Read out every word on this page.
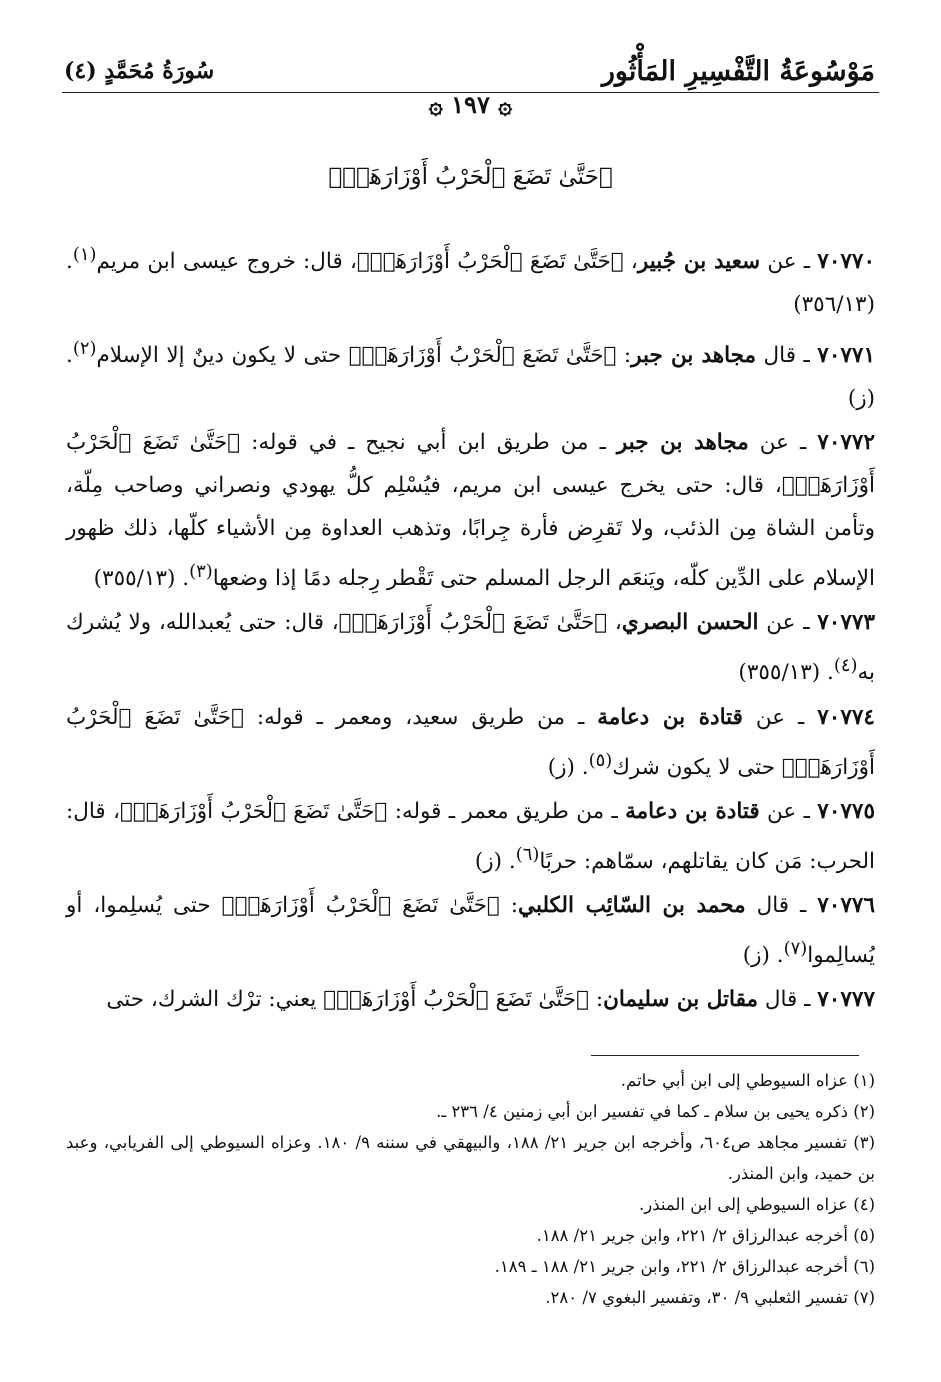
مَوْسُوعَةُ التَّفْسِيرِ المَأْثُور
سُورَةُ مُحَمَّدٍ (٤)
۞ ١٩٧ ۞
﴿حَتَّىٰ تَضَعَ ٱلْحَرْبُ أَوْزَارَهَاۚ﴾

٧٠٧٧٠ ـ عن سعيد بن جُبير، ﴿حَتَّىٰ تَضَعَ ٱلْحَرْبُ أَوْزَارَهَاۚ﴾، قال: خروج عيسى ابن مريم$^{(١)}$. (٣٥٦/١٣)

٧٠٧٧١ ـ قال مجاهد بن جبر: ﴿حَتَّىٰ تَضَعَ ٱلْحَرْبُ أَوْزَارَهَاۚ﴾ حتى لا يكون دينٌ إلا الإسلام$^{(٢)}$. (ز)

٧٠٧٧٢ ـ عن مجاهد بن جبر ـ من طريق ابن أبي نجيح ـ في قوله: ﴿حَتَّىٰ تَضَعَ ٱلْحَرْبُ أَوْزَارَهَاۚ﴾، قال: حتى يخرج عيسى ابن مريم، فيُسْلِم كلُّ يهودي ونصراني وصاحب مِلّة، وتأمن الشاة مِن الذئب، ولا تَقرِض فأرة جِرابًا، وتذهب العداوة مِن الأشياء كلّها، ذلك ظهور الإسلام على الدِّين كلّه، ويَنعَم الرجل المسلم حتى تَقْطر رِجله دمًا إذا وضعها$^{(٣)}$. (٣٥٥/١٣)

٧٠٧٧٣ ـ عن الحسن البصري، ﴿حَتَّىٰ تَضَعَ ٱلْحَرْبُ أَوْزَارَهَاۚ﴾، قال: حتى يُعبدالله، ولا يُشرك به$^{(٤)}$. (٣٥٥/١٣)

٧٠٧٧٤ ـ عن قتادة بن دعامة ـ من طريق سعيد، ومعمر ـ قوله: ﴿حَتَّىٰ تَضَعَ ٱلْحَرْبُ أَوْزَارَهَاۚ﴾ حتى لا يكون شرك$^{(٥)}$. (ز)

٧٠٧٧٥ ـ عن قتادة بن دعامة ـ من طريق معمر ـ قوله: ﴿حَتَّىٰ تَضَعَ ٱلْحَرْبُ أَوْزَارَهَاۚ﴾، قال: الحرب: مَن كان يقاتلهم، سمّاهم: حربًا$^{(٦)}$. (ز)

٧٠٧٧٦ ـ قال محمد بن السّائِب الكلبي: ﴿حَتَّىٰ تَضَعَ ٱلْحَرْبُ أَوْزَارَهَاۚ﴾ حتى يُسلِموا، أو يُسالِموا$^{(٧)}$. (ز)

٧٠٧٧٧ ـ قال مقاتل بن سليمان: ﴿حَتَّىٰ تَضَعَ ٱلْحَرْبُ أَوْزَارَهَاۚ﴾ يعني: ترْك الشرك، حتى

(١) عزاه السيوطي إلى ابن أبي حاتم.
(٢) ذكره يحيى بن سلام ـ كما في تفسير ابن أبي زمنين ٤/ ٢٣٦ ـ.
(٣) تفسير مجاهد ص٦٠٤، وأخرجه ابن جرير ٢١/ ١٨٨، والبيهقي في سننه ٩/ ١٨٠. وعزاه السيوطي إلى الفريابي، وعبد بن حميد، وابن المنذر.
(٤) عزاه السيوطي إلى ابن المنذر.
(٥) أخرجه عبدالرزاق ٢/ ٢٢١، وابن جرير ٢١/ ١٨٨.
(٦) أخرجه عبدالرزاق ٢/ ٢٢١، وابن جرير ٢١/ ١٨٨ ـ ١٨٩.
(٧) تفسير الثعلبي ٩/ ٣٠، وتفسير البغوي ٧/ ٢٨٠.
